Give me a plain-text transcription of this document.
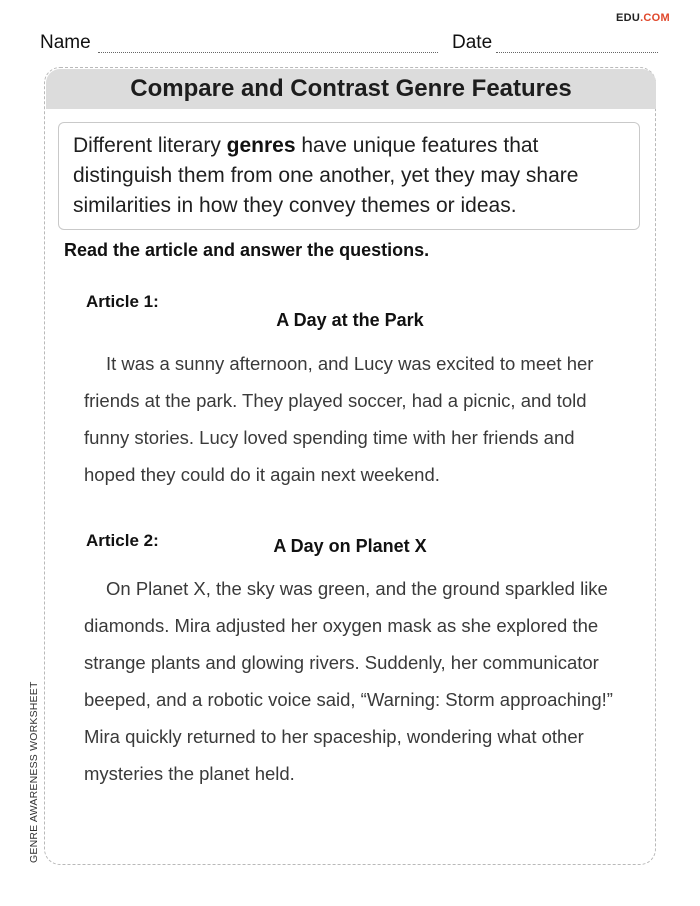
EDU.COM
Name	Date
Compare and Contrast Genre Features
Different literary genres have unique features that distinguish them from one another, yet they may share similarities in how they convey themes or ideas.
Read the article and answer the questions.
Article 1:
A Day at the Park
It was a sunny afternoon, and Lucy was excited to meet her friends at the park. They played soccer, had a picnic, and told funny stories. Lucy loved spending time with her friends and hoped they could do it again next weekend.
Article 2:	A Day on Planet X
On Planet X, the sky was green, and the ground sparkled like diamonds. Mira adjusted her oxygen mask as she explored the strange plants and glowing rivers. Suddenly, her communicator beeped, and a robotic voice said, “Warning: Storm approaching!” Mira quickly returned to her spaceship, wondering what other mysteries the planet held.
GENRE AWARENESS WORKSHEET
